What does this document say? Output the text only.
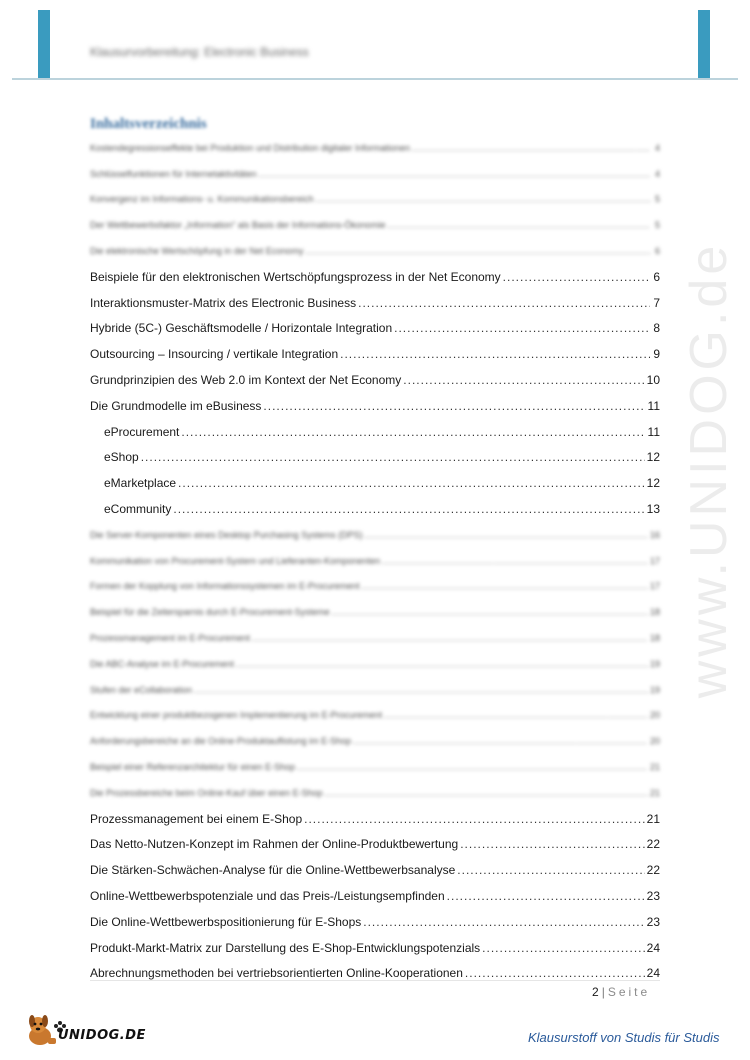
Klausurvorbereitung: Electronic Business
www.UNIDOG.de
Inhaltsverzeichnis
Kostendegressionseffekte bei Produktion und Distribution digitaler Informationen .....	4
Schlüsselfunktionen für Internetaktivitäten .....	4
Konvergenz im Informations- u. Kommunikationsbereich .....	5
Der Wettbewerbsfaktor „Information“ als Basis der Informations-Ökonomie .....	5
Die elektronische Wertschöpfung in der Net Economy .....	6
Beispiele für den elektronischen Wertschöpfungsprozess in der Net Economy .....	6
Interaktionsmuster-Matrix des Electronic Business .....	7
Hybride (5C-) Geschäftsmodelle / Horizontale Integration .....	8
Outsourcing – Insourcing / vertikale Integration .....	9
Grundprinzipien des Web 2.0 im Kontext der Net Economy .....	10
Die Grundmodelle im eBusiness .....	11
eProcurement .....	11
eShop .....	12
eMarketplace .....	12
eCommunity .....	13
Die Server-Komponenten eines Desktop Purchasing Systems (DPS) .....	16
Kommunikation von Procurement-System und Lieferanten-Komponenten .....	17
Formen der Kopplung von Informationssystemen im E-Procurement .....	17
Beispiel für die Zeitersparnis durch E-Procurement-Systeme .....	18
Prozessmanagement im E-Procurement .....	18
Die ABC-Analyse im E-Procurement .....	19
Stufen der eCollaboration .....	19
Entwicklung einer produktbezogenen Implementierung im E-Procurement .....	20
Anforderungsbereiche an die Online-Produktauflistung im E-Shop .....	20
Beispiel einer Referenzarchitektur für einen E-Shop .....	21
Die Prozessbereiche beim Online-Kauf über einen E-Shop .....	21
Prozessmanagement bei einem E-Shop .....	21
Das Netto-Nutzen-Konzept im Rahmen der Online-Produktbewertung .....	22
Die Stärken-Schwächen-Analyse für die Online-Wettbewerbsanalyse .....	22
Online-Wettbewerbspotenziale und das Preis-/Leistungsempfinden .....	23
Die Online-Wettbewerbspositionierung für E-Shops .....	23
Produkt-Markt-Matrix zur Darstellung des E-Shop-Entwicklungspotenzials .....	24
Abrechnungsmethoden bei vertriebsorientierten Online-Kooperationen .....	24
2 | Seite
UNIDOG.DE	Klausurstoff von Studis für Studis
